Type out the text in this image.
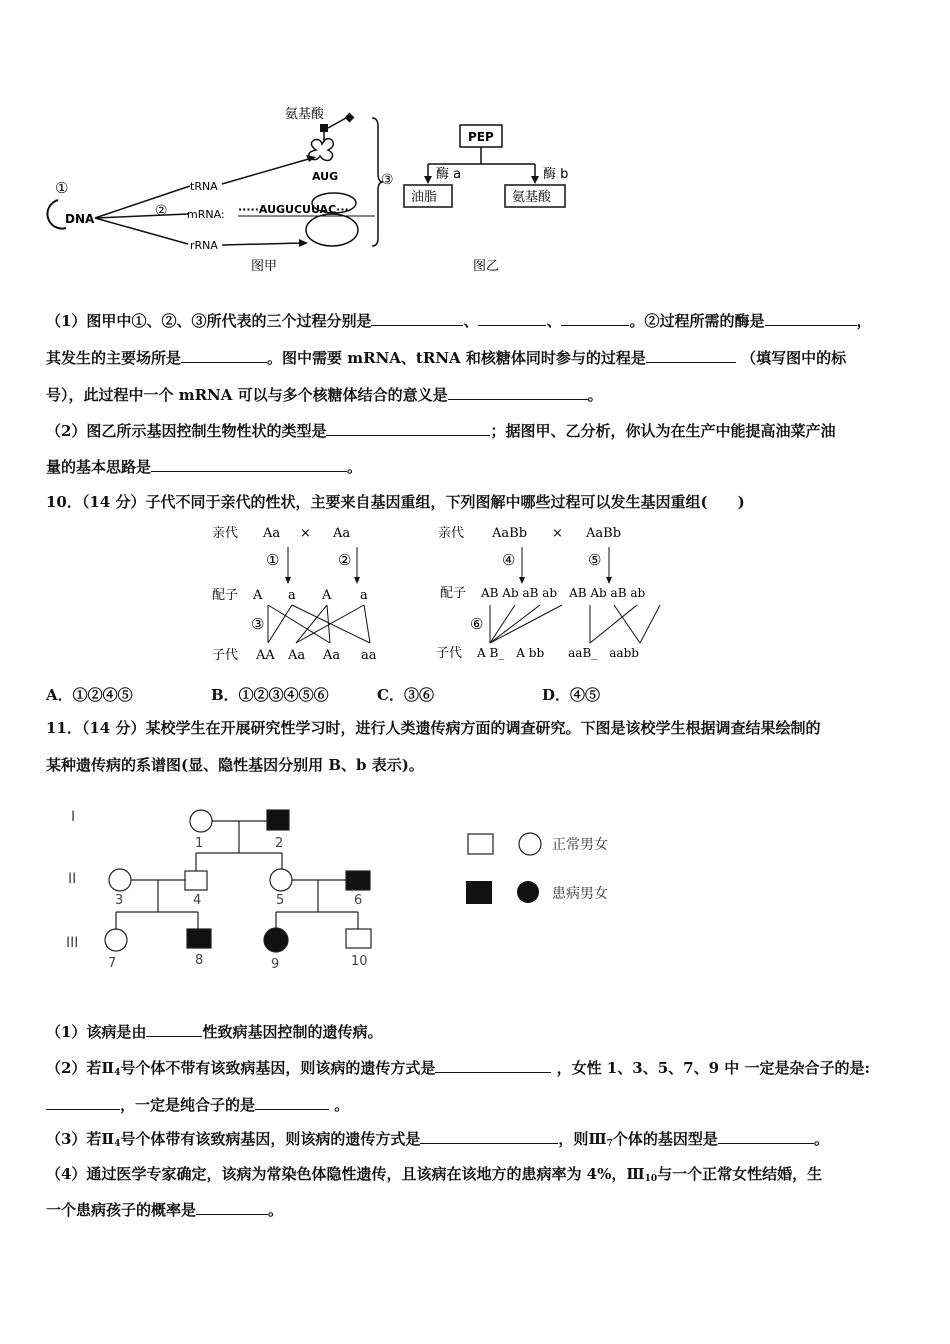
氨基酸
AUG
①
DNA
tRNA
② mRNA:
rRNA
·····AUGUCUUAC···
③
图甲
PEP
酶 a	酶 b
油脂	氨基酸
图乙
（1）图甲中①、②、③所代表的三个过程分别是	、	、	。②过程所需的酶是	，
其发生的主要场所是	。图中需要 mRNA、tRNA 和核糖体同时参与的过程是	（填写图中的标
号），此过程中一个 mRNA 可以与多个核糖体结合的意义是	。
（2）图乙所示基因控制生物性状的类型是	；据图甲、乙分析，你认为在生产中能提高油菜产油
量的基本思路是	。
10．（14 分）子代不同于亲代的性状，主要来自基因重组，下列图解中哪些过程可以发生基因重组(　　)
亲代 Aa × Aa
①	②
配子 A a A a
③
子代 AA Aa Aa aa
亲代 AaBb × AaBb
④	⑤
配子 AB Ab aB ab　AB Ab aB ab
⑥
子代 A B_　A bb　　aaB_　aabb
A．①②④⑤	B．①②③④⑤⑥	C．③⑥	D．④⑤
11．（14 分）某校学生在开展研究性学习时，进行人类遗传病方面的调查研究。下图是该校学生根据调查结果绘制的
某种遗传病的系谱图(显、隐性基因分别用 B、b 表示)。
I
II
III
1	2
3	4	5	6
7	8	9	10
正常男女
患病男女
（1）该病是由	性致病基因控制的遗传病。
（2）若$Ⅱ_4$号个体不带有该致病基因，则该病的遗传方式是	，女性 1、3、5、7、9 中 一定是杂合子的是:
，一定是纯合子的是	。
（3）若$Ⅱ_4$号个体带有该致病基因，则该病的遗传方式是	，则$Ⅲ_7$个体的基因型是	。
（4）通过医学专家确定，该病为常染色体隐性遗传，且该病在该地方的患病率为 4%，$Ⅲ_{10}$与一个正常女性结婚，生
一个患病孩子的概率是	。
